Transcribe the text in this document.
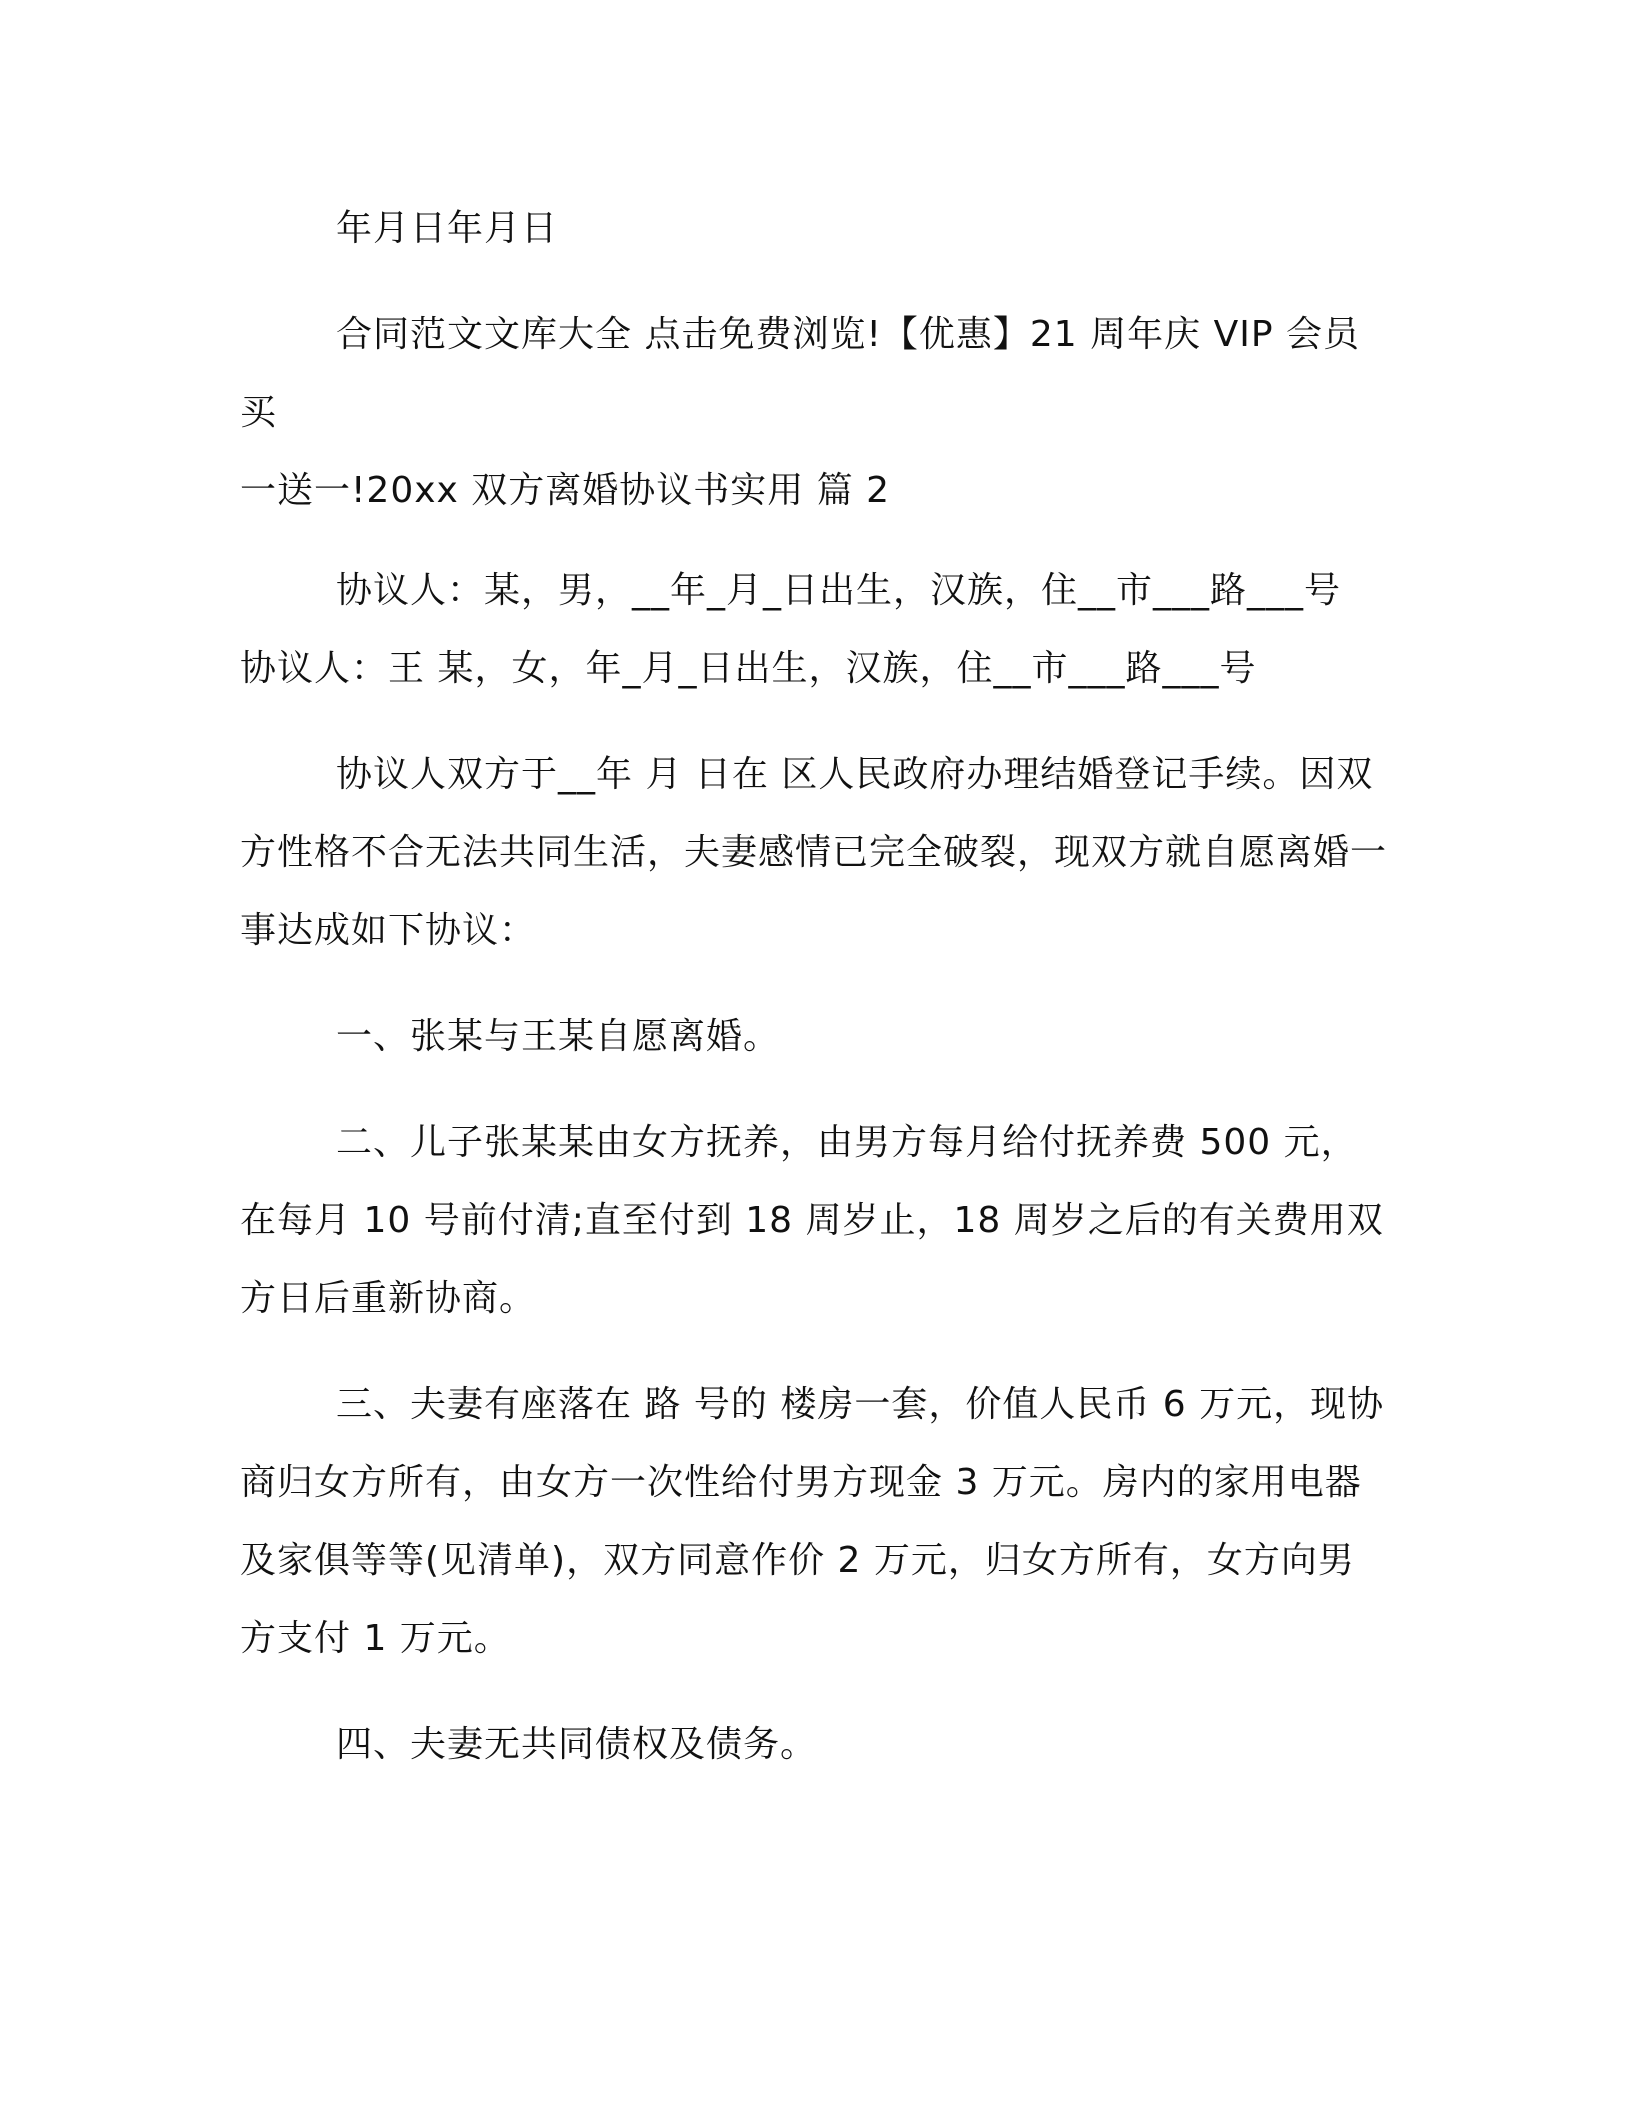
年月日年月日

合同范文文库大全 点击免费浏览!【优惠】21 周年庆 VIP 会员买
一送一!20xx 双方离婚协议书实用 篇 2

协议人：某，男，__年_月_日出生，汉族，住__市___路___号

协议人：王 某，女，年_月_日出生，汉族，住__市___路___号

协议人双方于__年 月 日在 区人民政府办理结婚登记手续。因双方性格不合无法共同生活，夫妻感情已完全破裂，现双方就自愿离婚一事达成如下协议：

一、张某与王某自愿离婚。

二、儿子张某某由女方抚养，由男方每月给付抚养费 500 元，在每月 10 号前付清;直至付到 18 周岁止，18 周岁之后的有关费用双方日后重新协商。

三、夫妻有座落在 路 号的 楼房一套，价值人民币 6 万元，现协商归女方所有，由女方一次性给付男方现金 3 万元。房内的家用电器及家俱等等(见清单)，双方同意作价 2 万元，归女方所有，女方向男方支付 1 万元。

四、夫妻无共同债权及债务。
